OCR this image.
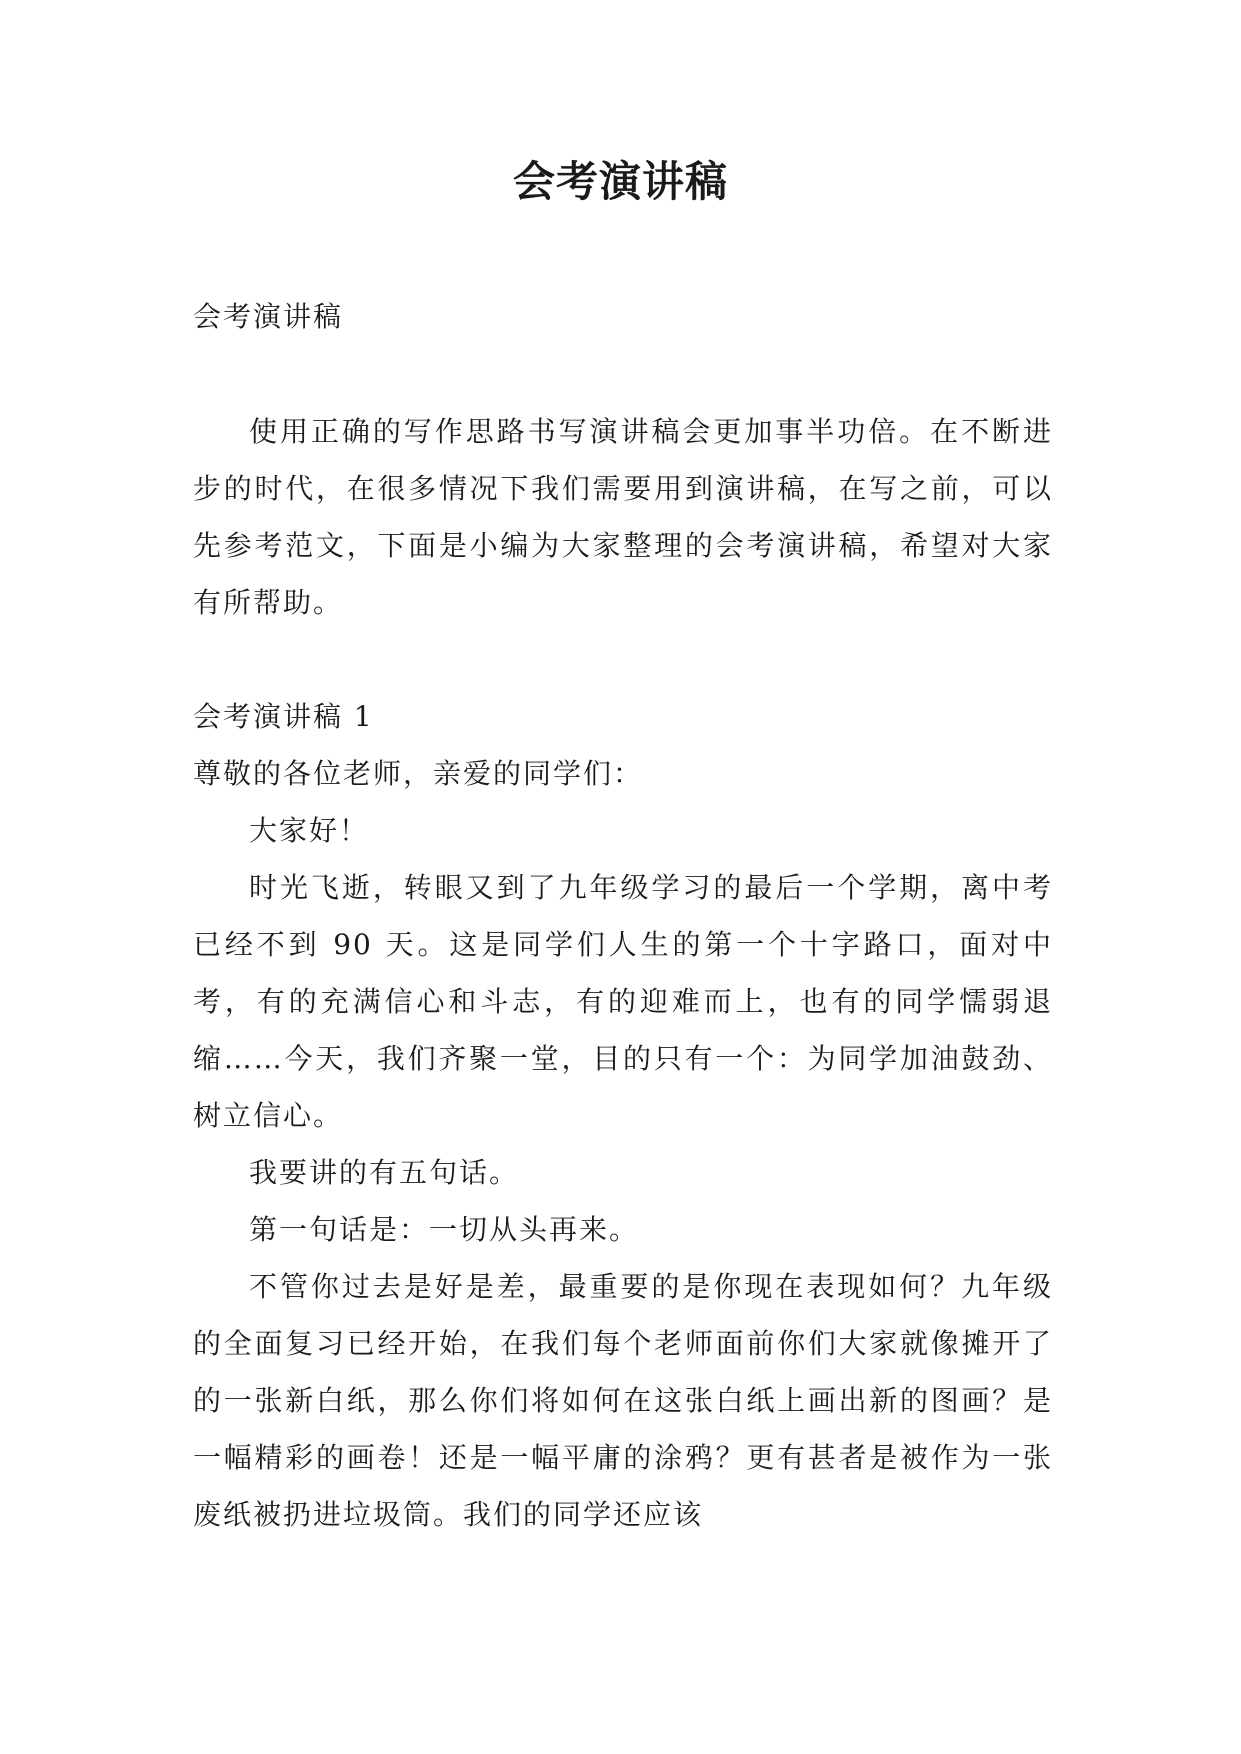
会考演讲稿

会考演讲稿

使用正确的写作思路书写演讲稿会更加事半功倍。在不断进步的时代，在很多情况下我们需要用到演讲稿，在写之前，可以先参考范文，下面是小编为大家整理的会考演讲稿，希望对大家有所帮助。

会考演讲稿 1

尊敬的各位老师，亲爱的同学们：

大家好！

时光飞逝，转眼又到了九年级学习的最后一个学期，离中考已经不到 90 天。这是同学们人生的第一个十字路口，面对中考，有的充满信心和斗志，有的迎难而上，也有的同学懦弱退缩……今天，我们齐聚一堂，目的只有一个：为同学加油鼓劲、树立信心。

我要讲的有五句话。

第一句话是：一切从头再来。

不管你过去是好是差，最重要的是你现在表现如何？九年级的全面复习已经开始，在我们每个老师面前你们大家就像摊开了的一张新白纸，那么你们将如何在这张白纸上画出新的图画？是一幅精彩的画卷！还是一幅平庸的涂鸦？更有甚者是被作为一张废纸被扔进垃圾筒。我们的同学还应该
